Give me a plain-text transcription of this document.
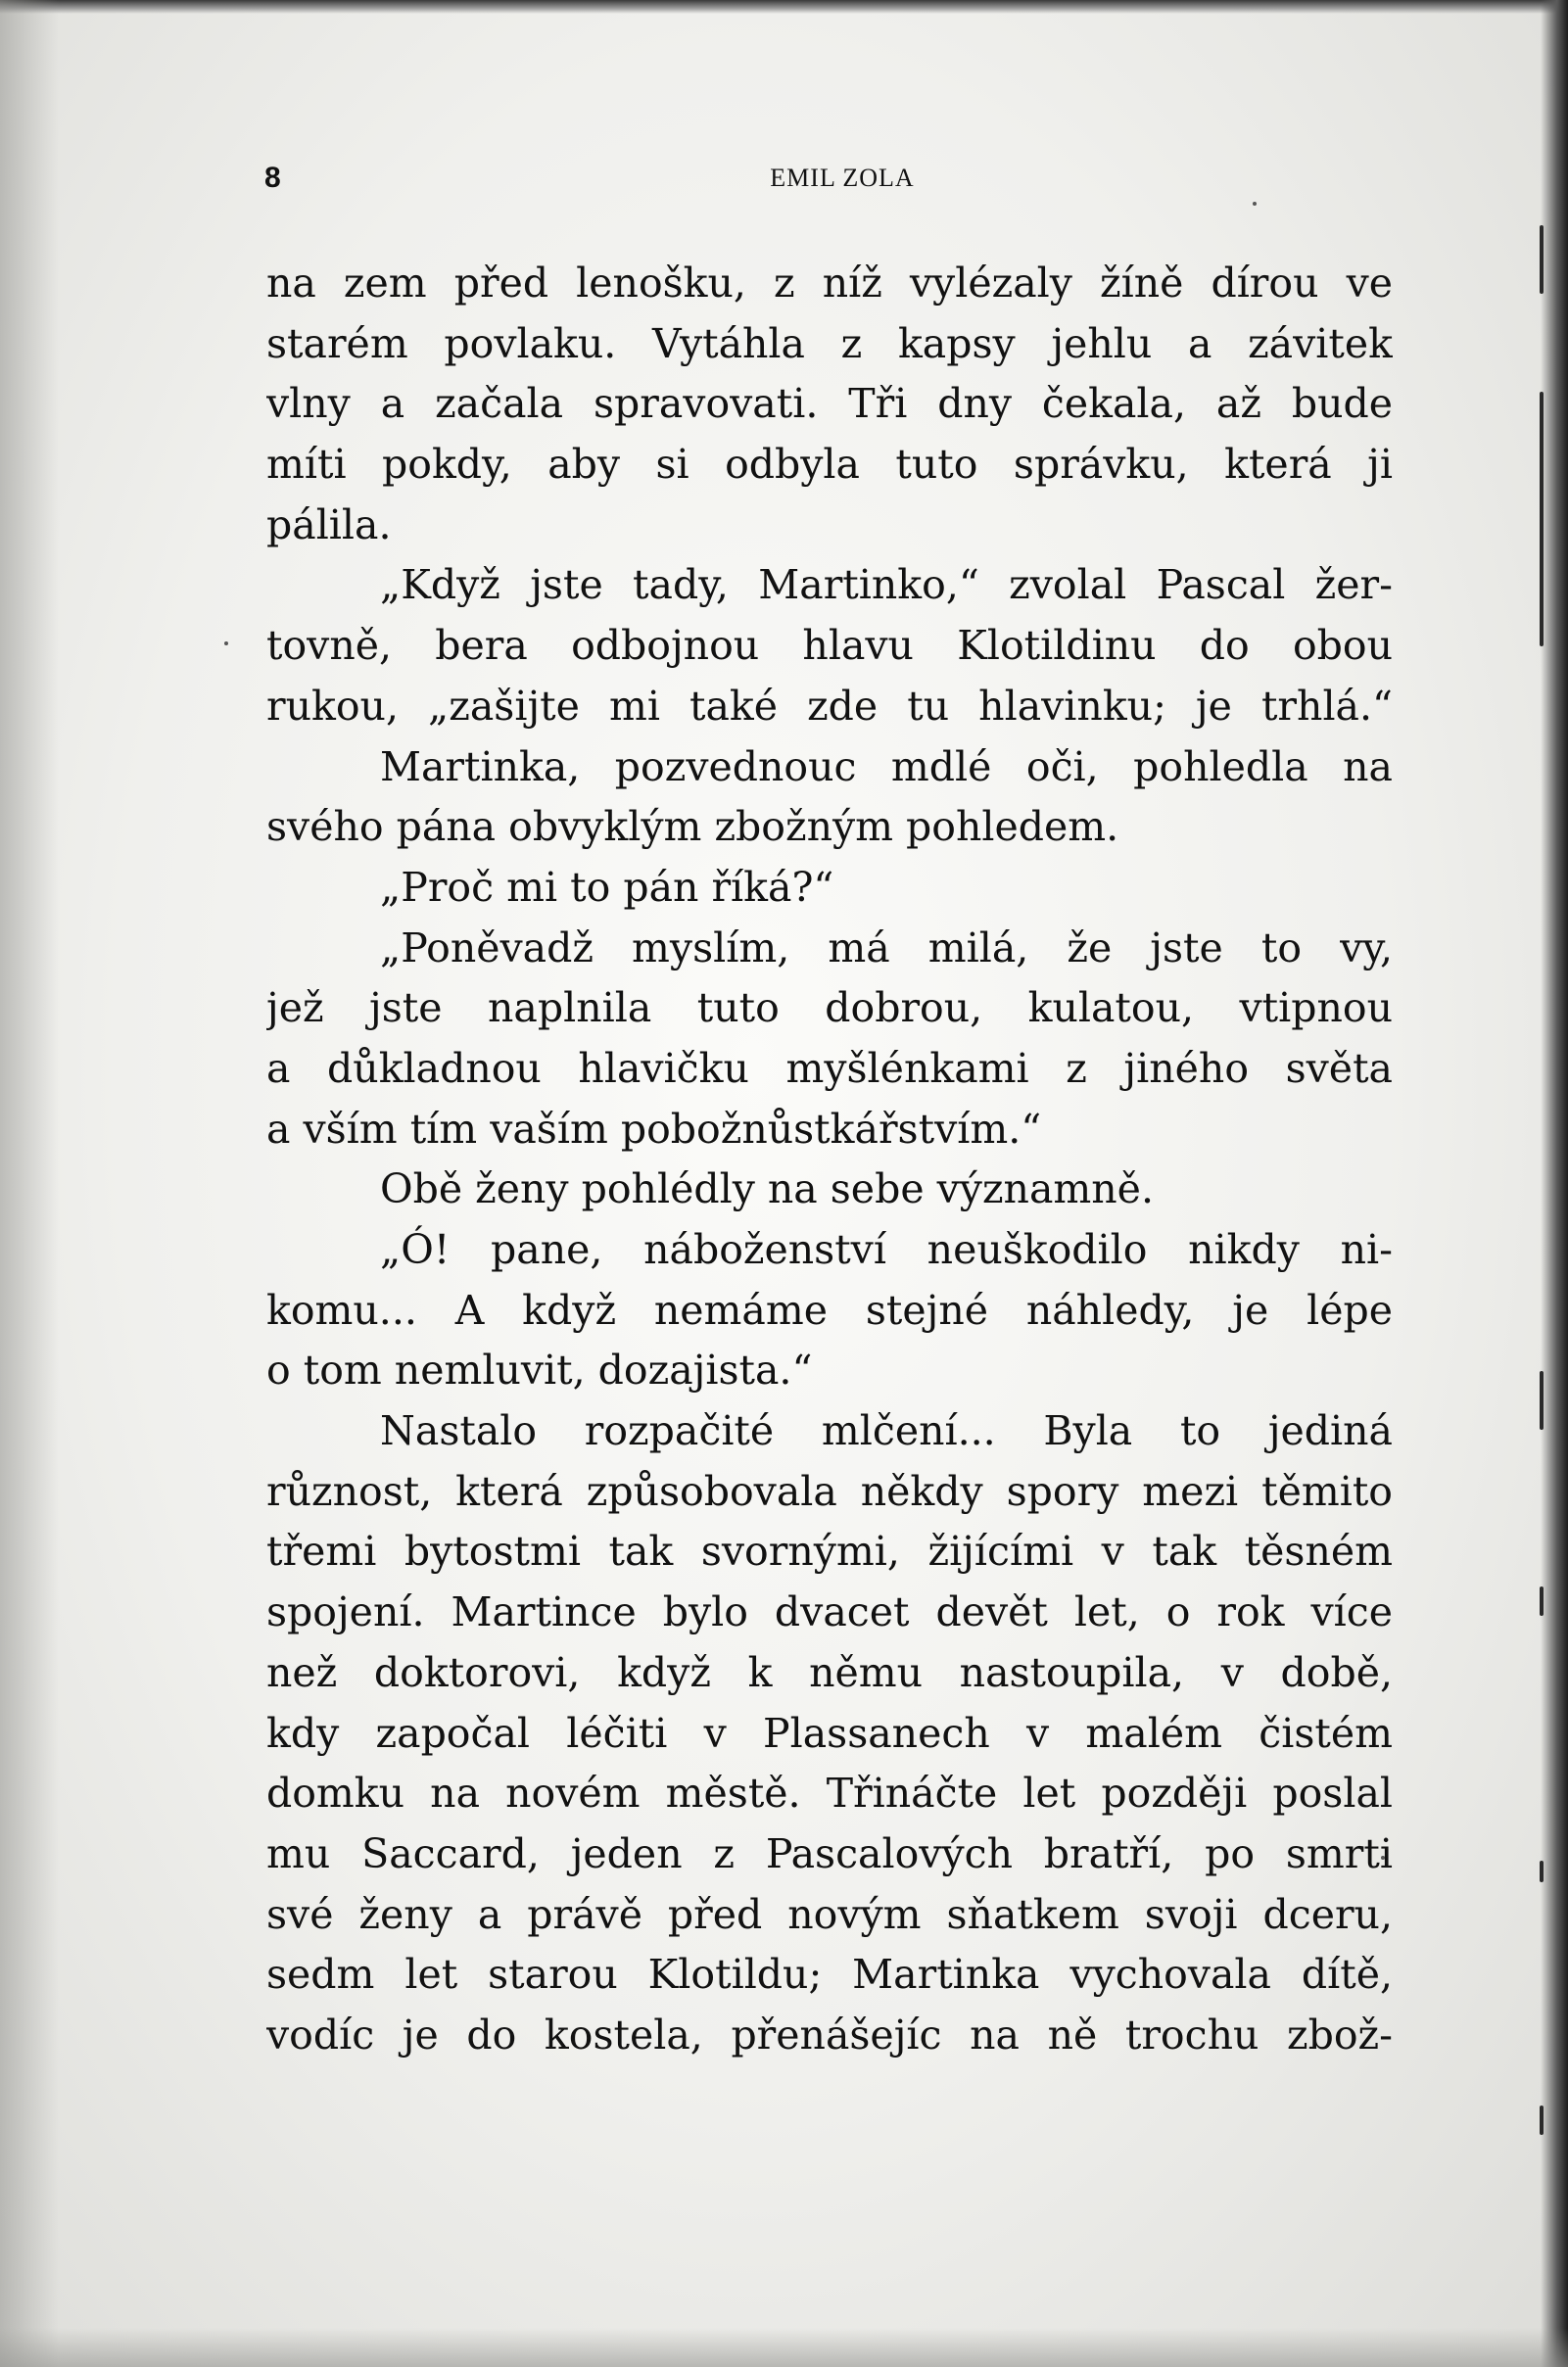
8	EMIL ZOLA
na zem před lenošku, z níž vylézaly žíně dírou ve
starém povlaku. Vytáhla z kapsy jehlu a závitek
vlny a začala spravovati. Tři dny čekala, až bude
míti pokdy, aby si odbyla tuto správku, která ji
pálila.
„Když jste tady, Martinko,“ zvolal Pascal žer-
tovně, bera odbojnou hlavu Klotildinu do obou
rukou, „zašijte mi také zde tu hlavinku; je trhlá.“
Martinka, pozvednouc mdlé oči, pohledla na
svého pána obvyklým zbožným pohledem.
„Proč mi to pán říká?“
„Poněvadž myslím, má milá, že jste to vy,
jež jste naplnila tuto dobrou, kulatou, vtipnou
a důkladnou hlavičku myšlénkami z jiného světa
a vším tím vaším pobožnůstkářstvím.“
Obě ženy pohlédly na sebe významně.
„Ó! pane, náboženství neuškodilo nikdy ni-
komu... A když nemáme stejné náhledy, je lépe
o tom nemluvit, dozajista.“
Nastalo rozpačité mlčení... Byla to jediná
různost, která způsobovala někdy spory mezi těmito
třemi bytostmi tak svornými, žijícími v tak těsném
spojení. Martince bylo dvacet devět let, o rok více
než doktorovi, když k němu nastoupila, v době,
kdy započal léčiti v Plassanech v malém čistém
domku na novém městě. Třináčte let později poslal
mu Saccard, jeden z Pascalových bratří, po smrti
své ženy a právě před novým sňatkem svoji dceru,
sedm let starou Klotildu; Martinka vychovala dítě,
vodíc je do kostela, přenášejíc na ně trochu zbož-
